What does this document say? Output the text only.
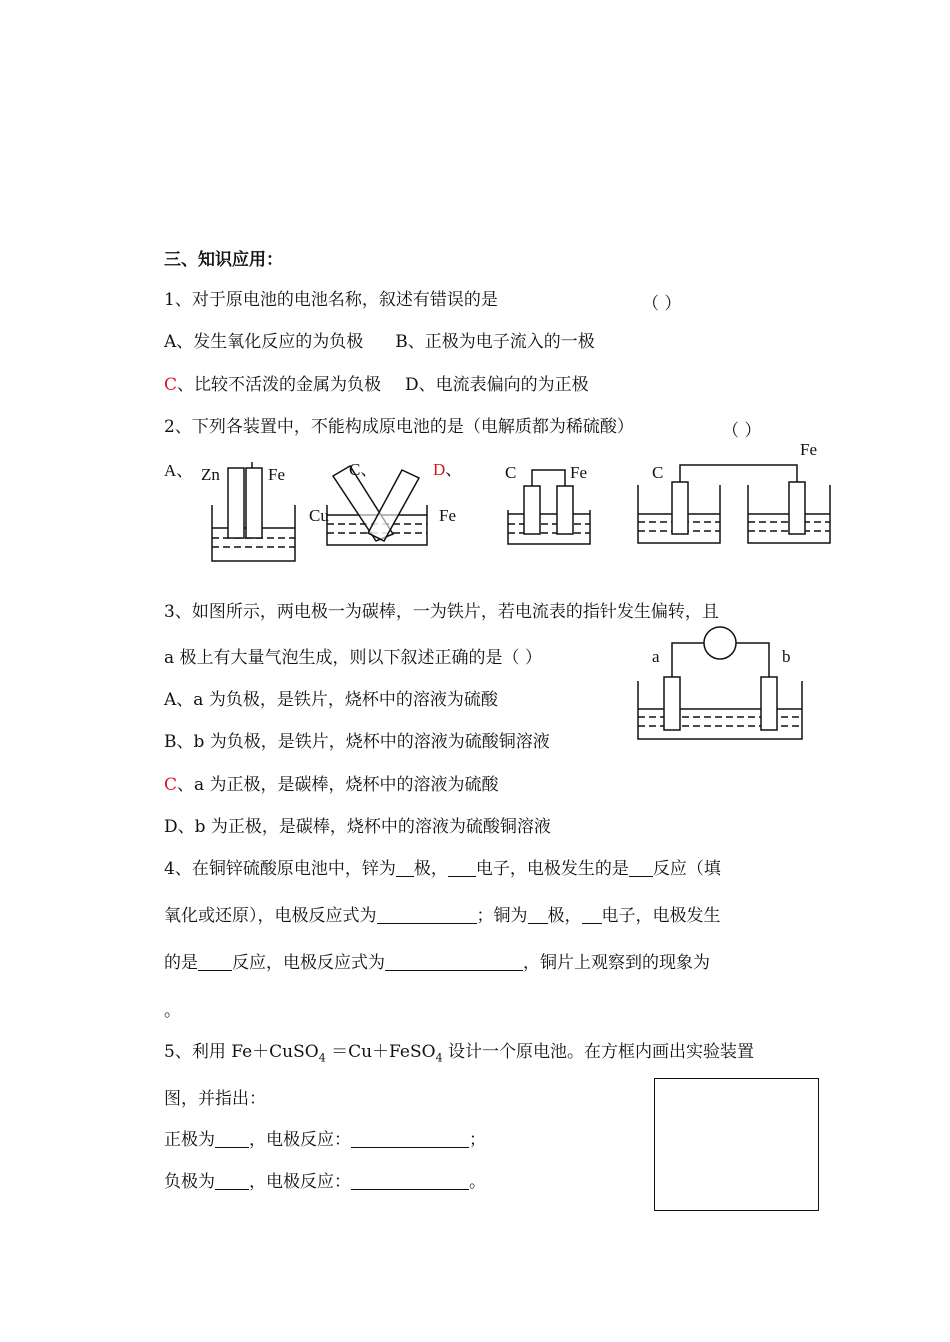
三、知识应用：
1、对于原电池的电池名称，叙述有错误的是	（ ）
A、发生氧化反应的为负极 B、正极为电子流入的一极
C、比较不活泼的金属为负极 D、电流表偏向的为正极
2、下列各装置中，不能构成原电池的是（电解质都为稀硫酸）	（ ）
A、 Zn	Fe	C、
Cu	Fe
D、	C	Fe	C
Fe
3、如图所示，两电极一为碳棒，一为铁片，若电流表的指针发生偏转，且
a 极上有大量气泡生成，则以下叙述正确的是（ ）	a	b
A、a 为负极，是铁片，烧杯中的溶液为硫酸
B、b 为负极，是铁片，烧杯中的溶液为硫酸铜溶液
C、a 为正极，是碳棒，烧杯中的溶液为硫酸
D、b 为正极，是碳棒，烧杯中的溶液为硫酸铜溶液
4、在铜锌硫酸原电池中，锌为 极， 电子，电极发生的是 反应（填
氧化或还原），电极反应式为	；铜为 极， 电子，电极发生
的是 反应，电极反应式为	，铜片上观察到的现象为
。
5、利用 Fe＋CuSO$_4$ ＝Cu＋FeSO$_4$ 设计一个原电池。在方框内画出实验装置
图，并指出：
正极为 ，电极反应：	；
负极为 ，电极反应：	。
